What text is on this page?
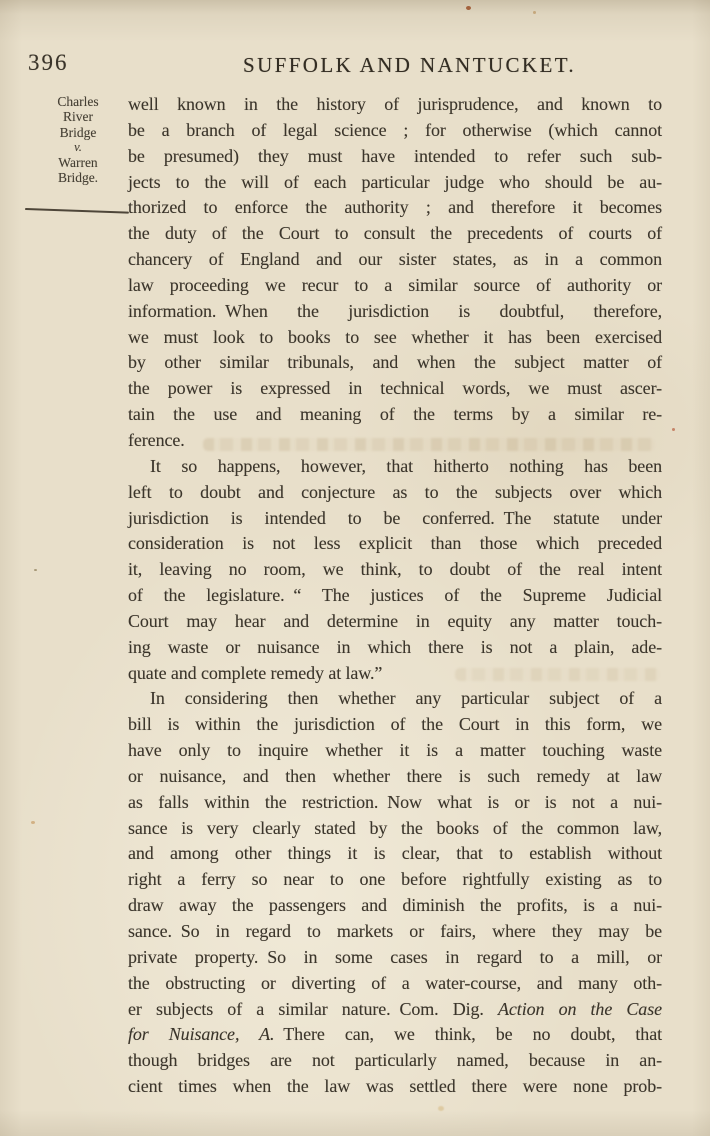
396	SUFFOLK AND NANTUCKET.
Charles
River
Bridge
v.
Warren
Bridge.
well known in the history of jurisprudence, and known to
be a branch of legal science ; for otherwise (which cannot
be presumed) they must have intended to refer such sub-
jects to the will of each particular judge who should be au-
thorized to enforce the authority ; and therefore it becomes
the duty of the Court to consult the precedents of courts of
chancery of England and our sister states, as in a common
law proceeding we recur to a similar source of authority or
information. When the jurisdiction is doubtful, therefore,
we must look to books to see whether it has been exercised
by other similar tribunals, and when the subject matter of
the power is expressed in technical words, we must ascer-
tain the use and meaning of the terms by a similar re-
ference.
It so happens, however, that hitherto nothing has been
left to doubt and conjecture as to the subjects over which
jurisdiction is intended to be conferred. The statute under
consideration is not less explicit than those which preceded
it, leaving no room, we think, to doubt of the real intent
of the legislature. “ The justices of the Supreme Judicial
Court may hear and determine in equity any matter touch-
ing waste or nuisance in which there is not a plain, ade-
quate and complete remedy at law.”
In considering then whether any particular subject of a
bill is within the jurisdiction of the Court in this form, we
have only to inquire whether it is a matter touching waste
or nuisance, and then whether there is such remedy at law
as falls within the restriction. Now what is or is not a nui-
sance is very clearly stated by the books of the common law,
and among other things it is clear, that to establish without
right a ferry so near to one before rightfully existing as to
draw away the passengers and diminish the profits, is a nui-
sance. So in regard to markets or fairs, where they may be
private property. So in some cases in regard to a mill, or
the obstructing or diverting of a water-course, and many oth-
er subjects of a similar nature. Com. Dig. Action on the Case
for Nuisance, A. There can, we think, be no doubt, that
though bridges are not particularly named, because in an-
cient times when the law was settled there were none prob-
